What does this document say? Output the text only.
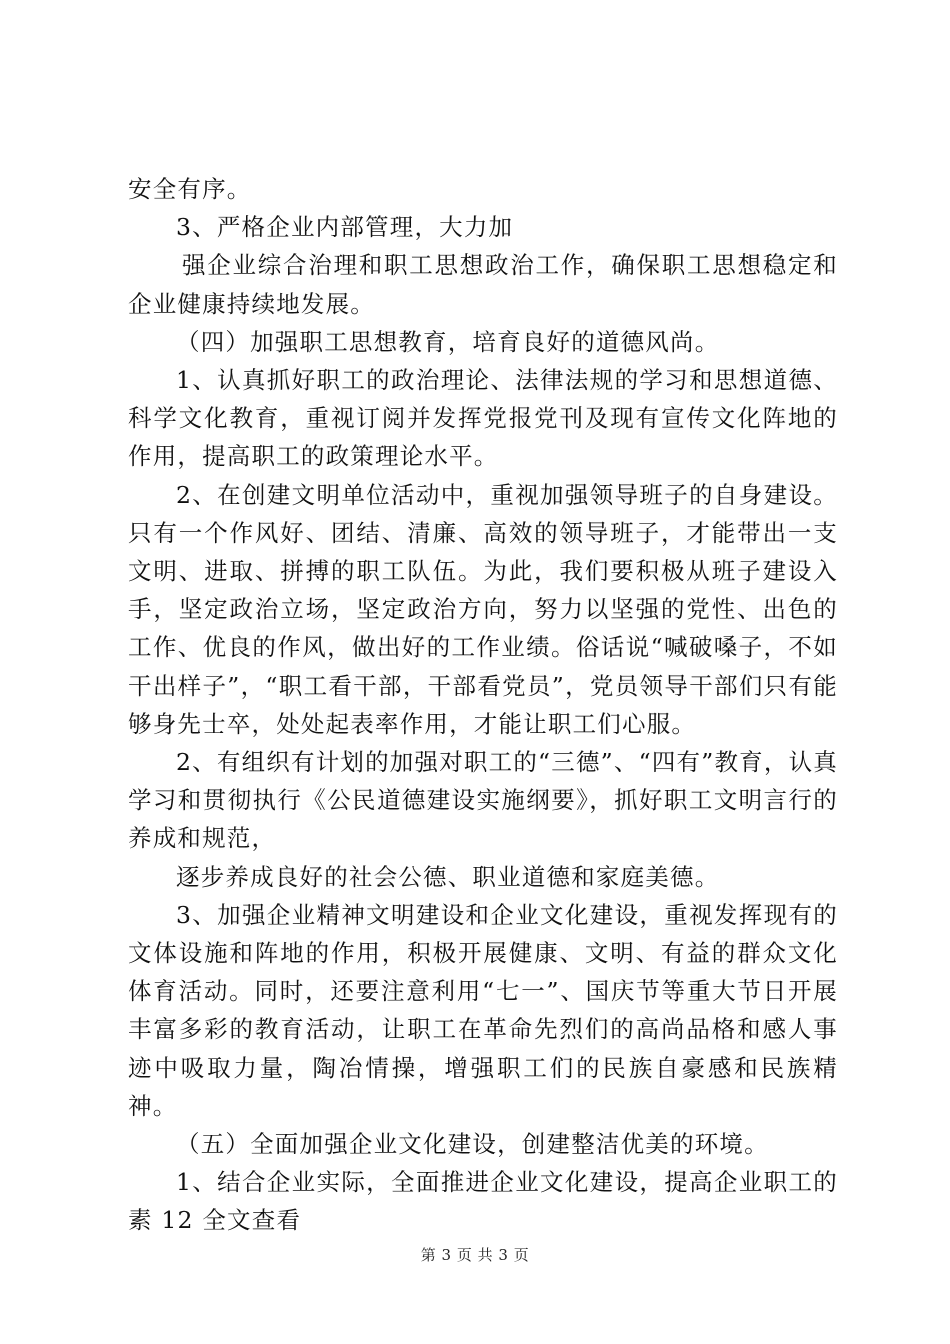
安全有序。

3、严格企业内部管理，大力加

强企业综合治理和职工思想政治工作，确保职工思想稳定和企业健康持续地发展。

（四）加强职工思想教育，培育良好的道德风尚。

1、认真抓好职工的政治理论、法律法规的学习和思想道德、科学文化教育，重视订阅并发挥党报党刊及现有宣传文化阵地的作用，提高职工的政策理论水平。

2、在创建文明单位活动中，重视加强领导班子的自身建设。只有一个作风好、团结、清廉、高效的领导班子，才能带出一支文明、进取、拼搏的职工队伍。为此，我们要积极从班子建设入手，坚定政治立场，坚定政治方向，努力以坚强的党性、出色的工作、优良的作风，做出好的工作业绩。俗话说“喊破嗓子，不如干出样子”，“职工看干部，干部看党员”，党员领导干部们只有能够身先士卒，处处起表率作用，才能让职工们心服。

2、有组织有计划的加强对职工的“三德”、“四有”教育，认真学习和贯彻执行《公民道德建设实施纲要》，抓好职工文明言行的养成和规范，

逐步养成良好的社会公德、职业道德和家庭美德。

3、加强企业精神文明建设和企业文化建设，重视发挥现有的文体设施和阵地的作用，积极开展健康、文明、有益的群众文化体育活动。同时，还要注意利用“七一”、国庆节等重大节日开展丰富多彩的教育活动，让职工在革命先烈们的高尚品格和感人事迹中吸取力量，陶冶情操，增强职工们的民族自豪感和民族精神。

（五）全面加强企业文化建设，创建整洁优美的环境。

1、结合企业实际，全面推进企业文化建设，提高企业职工的素 12 全文查看

第 3 页 共 3 页
